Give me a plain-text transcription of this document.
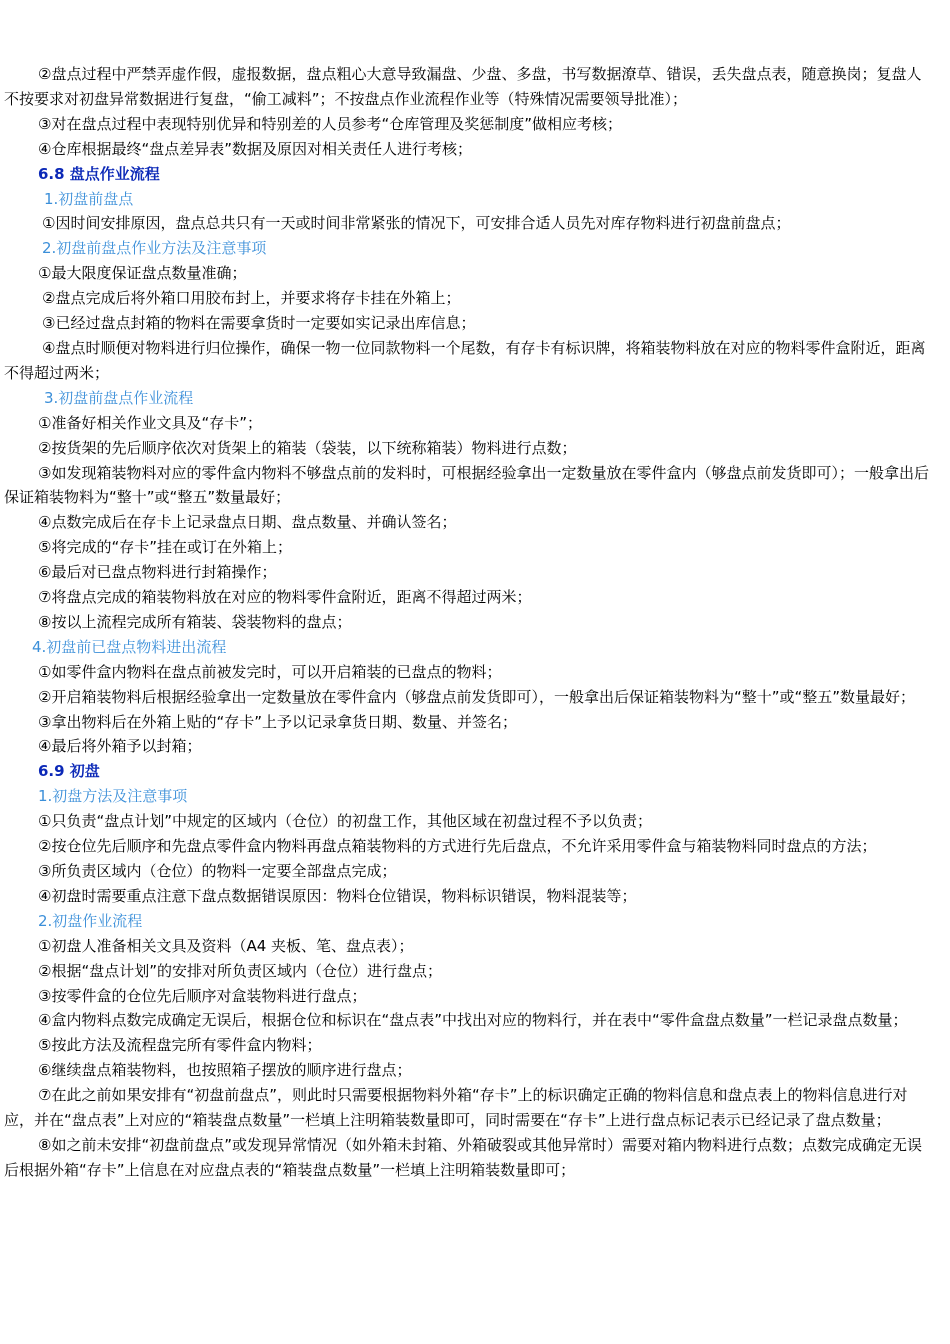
②盘点过程中严禁弄虚作假，虚报数据，盘点粗心大意导致漏盘、少盘、多盘，书写数据潦草、错误，丢失盘点表，随意换岗；复盘人不按要求对初盘异常数据进行复盘，“偷工减料”；不按盘点作业流程作业等（特殊情况需要领导批准）；

③对在盘点过程中表现特别优异和特别差的人员参考“仓库管理及奖惩制度”做相应考核；

④仓库根据最终“盘点差异表”数据及原因对相关责任人进行考核；

6.8 盘点作业流程

1.初盘前盘点

①因时间安排原因，盘点总共只有一天或时间非常紧张的情况下，可安排合适人员先对库存物料进行初盘前盘点；

2.初盘前盘点作业方法及注意事项

①最大限度保证盘点数量准确；

②盘点完成后将外箱口用胶布封上，并要求将存卡挂在外箱上；

③已经过盘点封箱的物料在需要拿货时一定要如实记录出库信息；

④盘点时顺便对物料进行归位操作，确保一物一位同款物料一个尾数，有存卡有标识牌，将箱装物料放在对应的物料零件盒附近，距离不得超过两米；

3.初盘前盘点作业流程

①准备好相关作业文具及“存卡”；

②按货架的先后顺序依次对货架上的箱装（袋装，以下统称箱装）物料进行点数；

③如发现箱装物料对应的零件盒内物料不够盘点前的发料时，可根据经验拿出一定数量放在零件盒内（够盘点前发货即可）；一般拿出后保证箱装物料为“整十”或“整五”数量最好；

④点数完成后在存卡上记录盘点日期、盘点数量、并确认签名；

⑤将完成的“存卡”挂在或订在外箱上；

⑥最后对已盘点物料进行封箱操作；

⑦将盘点完成的箱装物料放在对应的物料零件盒附近，距离不得超过两米；

⑧按以上流程完成所有箱装、袋装物料的盘点；

4.初盘前已盘点物料进出流程

①如零件盒内物料在盘点前被发完时，可以开启箱装的已盘点的物料；

②开启箱装物料后根据经验拿出一定数量放在零件盒内（够盘点前发货即可），一般拿出后保证箱装物料为“整十”或“整五”数量最好；

③拿出物料后在外箱上贴的“存卡”上予以记录拿货日期、数量、并签名；

④最后将外箱予以封箱；

6.9 初盘

1.初盘方法及注意事项

①只负责“盘点计划”中规定的区域内（仓位）的初盘工作，其他区域在初盘过程不予以负责；

②按仓位先后顺序和先盘点零件盒内物料再盘点箱装物料的方式进行先后盘点，不允许采用零件盒与箱装物料同时盘点的方法；

③所负责区域内（仓位）的物料一定要全部盘点完成；

④初盘时需要重点注意下盘点数据错误原因：物料仓位错误，物料标识错误，物料混装等；

2.初盘作业流程

①初盘人准备相关文具及资料（A4 夹板、笔、盘点表）；

②根据“盘点计划”的安排对所负责区域内（仓位）进行盘点；

③按零件盒的仓位先后顺序对盒装物料进行盘点；

④盒内物料点数完成确定无误后，根据仓位和标识在“盘点表”中找出对应的物料行，并在表中“零件盒盘点数量”一栏记录盘点数量；

⑤按此方法及流程盘完所有零件盒内物料；

⑥继续盘点箱装物料，也按照箱子摆放的顺序进行盘点；

⑦在此之前如果安排有“初盘前盘点”，则此时只需要根据物料外箱“存卡”上的标识确定正确的物料信息和盘点表上的物料信息进行对应，并在“盘点表”上对应的“箱装盘点数量”一栏填上注明箱装数量即可，同时需要在“存卡”上进行盘点标记表示已经记录了盘点数量；

⑧如之前未安排“初盘前盘点”或发现异常情况（如外箱未封箱、外箱破裂或其他异常时）需要对箱内物料进行点数；点数完成确定无误后根据外箱“存卡”上信息在对应盘点表的“箱装盘点数量”一栏填上注明箱装数量即可；
